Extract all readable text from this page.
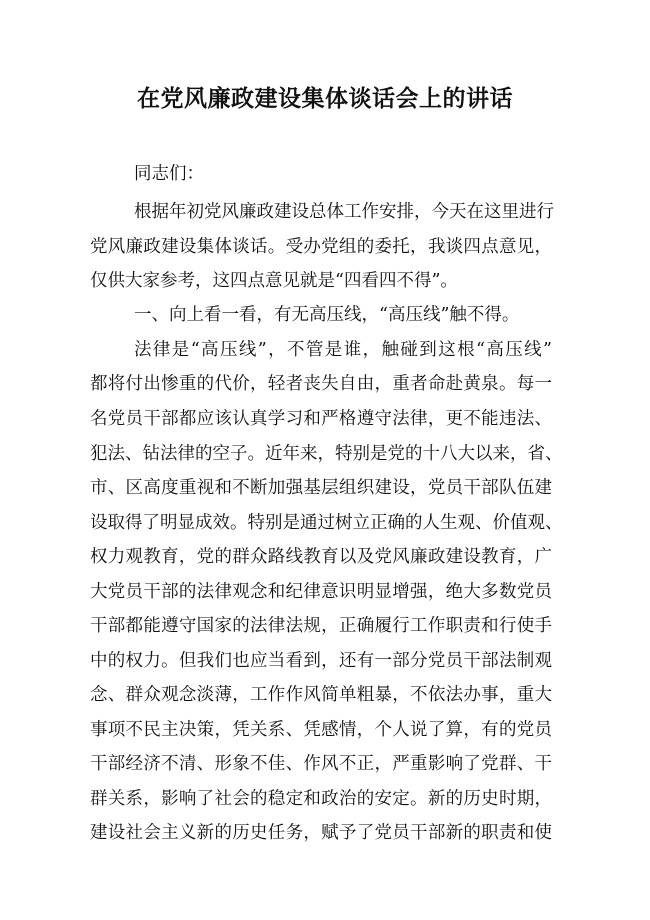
在党风廉政建设集体谈话会上的讲话
同志们：
根据年初党风廉政建设总体工作安排，今天在这里进行
党风廉政建设集体谈话。受办党组的委托，我谈四点意见，
仅供大家参考，这四点意见就是“四看四不得”。
一、向上看一看，有无高压线，“高压线”触不得。
法律是“高压线”，不管是谁，触碰到这根“高压线”
都将付出惨重的代价，轻者丧失自由，重者命赴黄泉。每一
名党员干部都应该认真学习和严格遵守法律，更不能违法、
犯法、钻法律的空子。近年来，特别是党的十八大以来，省、
市、区高度重视和不断加强基层组织建设，党员干部队伍建
设取得了明显成效。特别是通过树立正确的人生观、价值观、
权力观教育，党的群众路线教育以及党风廉政建设教育，广
大党员干部的法律观念和纪律意识明显增强，绝大多数党员
干部都能遵守国家的法律法规，正确履行工作职责和行使手
中的权力。但我们也应当看到，还有一部分党员干部法制观
念、群众观念淡薄，工作作风简单粗暴，不依法办事，重大
事项不民主决策，凭关系、凭感情，个人说了算，有的党员
干部经济不清、形象不佳、作风不正，严重影响了党群、干
群关系，影响了社会的稳定和政治的安定。新的历史时期，
建设社会主义新的历史任务，赋予了党员干部新的职责和使
